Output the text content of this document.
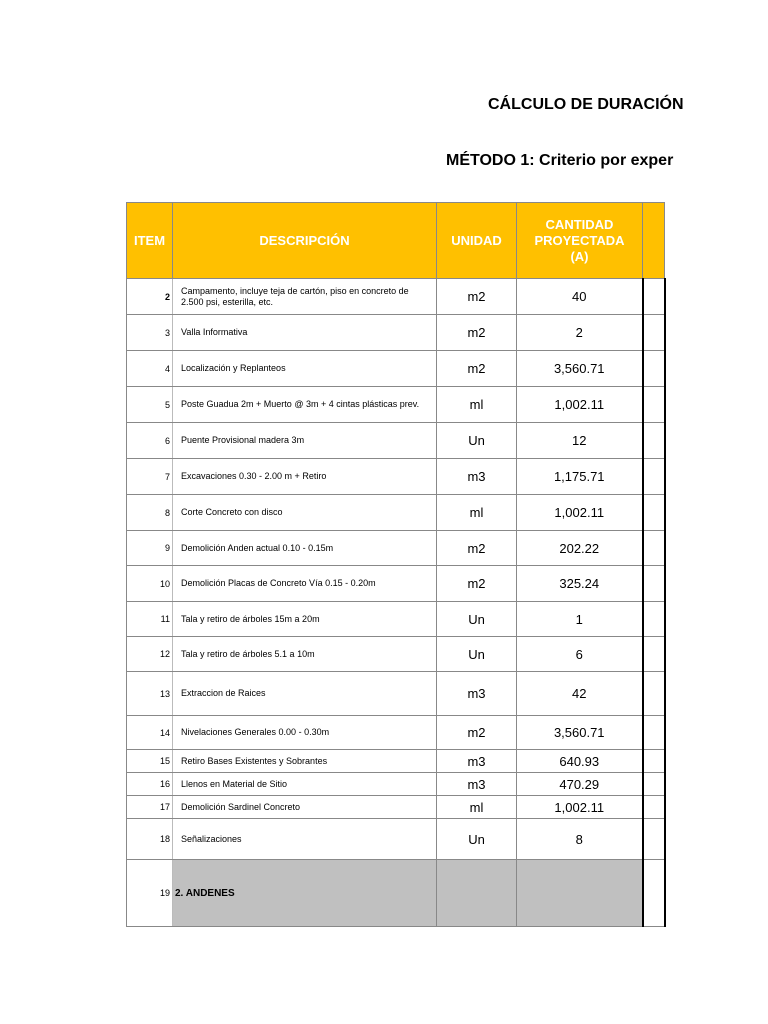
CÁLCULO DE DURACIÓN
MÉTODO 1: Criterio por exper
ITEM	DESCRIPCIÓN	UNIDAD	CANTIDAD PROYECTADA (A)	
2	Campamento, incluye teja de cartón, piso en concreto de 2.500 psi, esterilla, etc.	m2	40	
3	Valla Informativa	m2	2	
4	Localización y Replanteos	m2	3,560.71	
5	Poste Guadua 2m + Muerto @ 3m + 4 cintas plásticas prev.	ml	1,002.11	
6	Puente Provisional madera 3m	Un	12	
7	Excavaciones 0.30 - 2.00 m + Retiro	m3	1,175.71	
8	Corte Concreto con disco	ml	1,002.11	
9	Demolición Anden actual 0.10 - 0.15m	m2	202.22	
10	Demolición Placas de Concreto Vía 0.15 - 0.20m	m2	325.24	
11	Tala y retiro de árboles 15m a 20m	Un	1	
12	Tala y retiro de árboles 5.1 a 10m	Un	6	
13	Extraccion de Raices	m3	42	
14	Nivelaciones Generales 0.00 - 0.30m	m2	3,560.71	
15	Retiro Bases Existentes y Sobrantes	m3	640.93	
16	Llenos en Material de Sitio	m3	470.29	
17	Demolición Sardinel Concreto	ml	1,002.11	
18	Señalizaciones	Un	8	
19	2. ANDENES			
